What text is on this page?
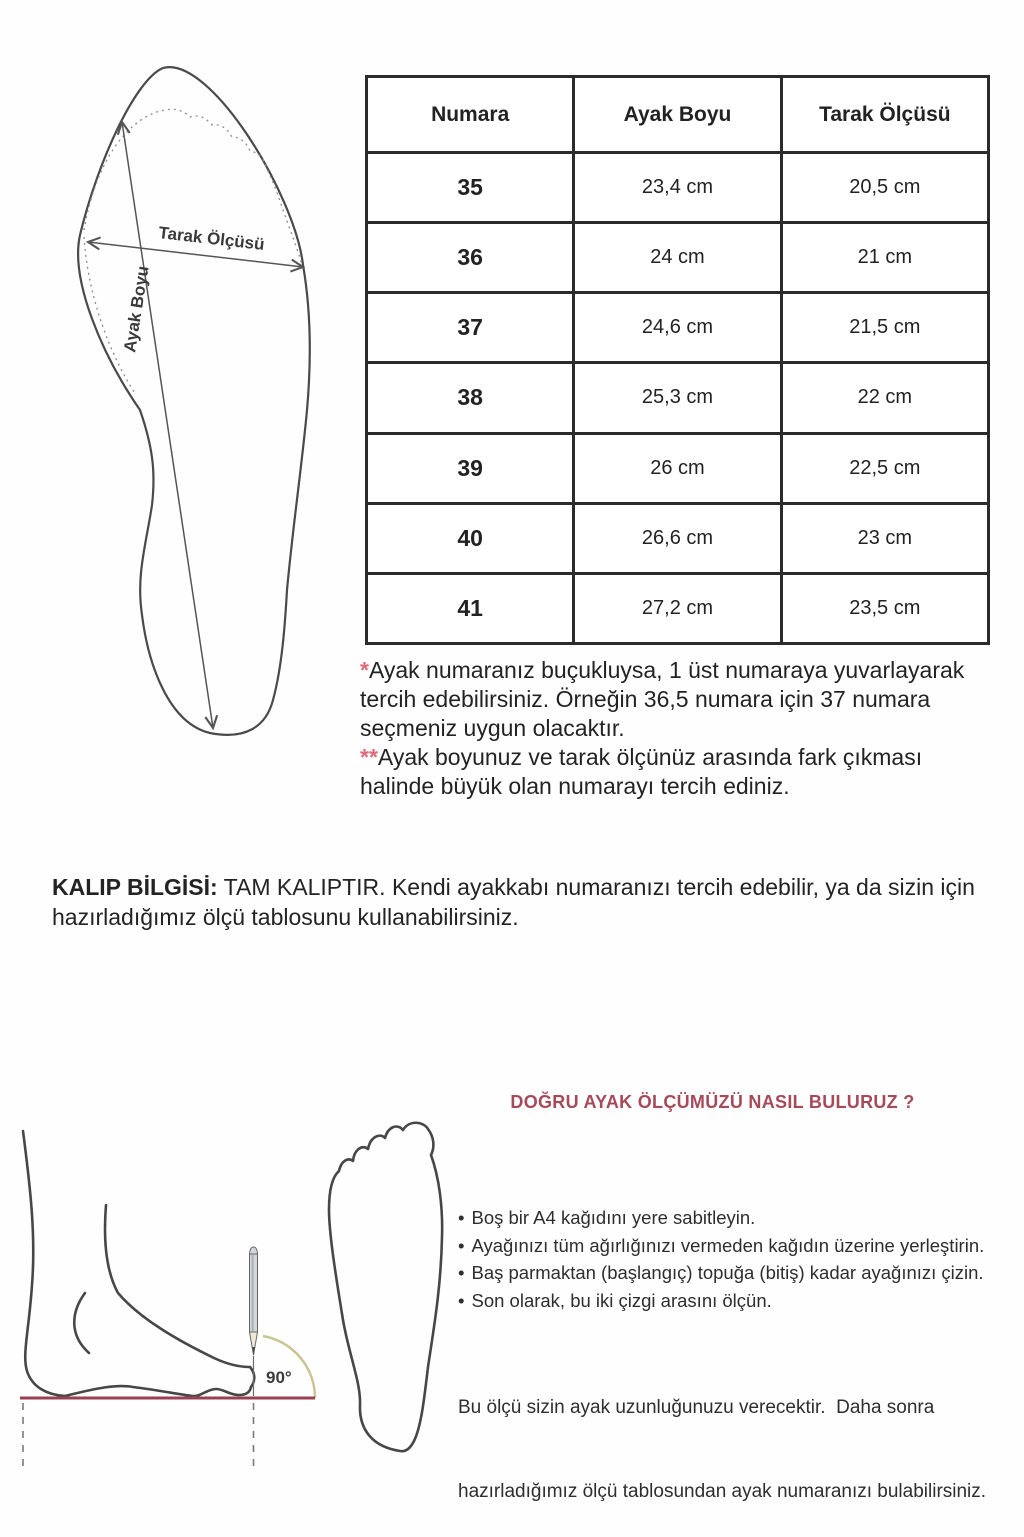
Ayak Boyu
Tarak Ölçüsü
Numara	Ayak Boyu	Tarak Ölçüsü
35	23,4 cm	20,5 cm
36	24 cm	21 cm
37	24,6 cm	21,5 cm
38	25,3 cm	22 cm
39	26 cm	22,5 cm
40	26,6 cm	23 cm
41	27,2 cm	23,5 cm
*Ayak numaranız buçukluysa, 1 üst numaraya yuvarlayarak
tercih edebilirsiniz. Örneğin 36,5 numara için 37 numara
seçmeniz uygun olacaktır.
**Ayak boyunuz ve tarak ölçünüz arasında fark çıkması
halinde büyük olan numarayı tercih ediniz.
KALIP BİLGİSİ: TAM KALIPTIR. Kendi ayakkabı numaranızı tercih edebilir, ya da sizin için
hazırladığımız ölçü tablosunu kullanabilirsiniz.
DOĞRU AYAK ÖLÇÜMÜZÜ NASIL BULURUZ ?
90°
• Boş bir A4 kağıdını yere sabitleyin.
• Ayağınızı tüm ağırlığınızı vermeden kağıdın üzerine yerleştirin.
• Baş parmaktan (başlangıç) topuğa (bitiş) kadar ayağınızı çizin.
• Son olarak, bu iki çizgi arasını ölçün.

Bu ölçü sizin ayak uzunluğunuzu verecektir.  Daha sonra

hazırladığımız ölçü tablosundan ayak numaranızı bulabilirsiniz.
